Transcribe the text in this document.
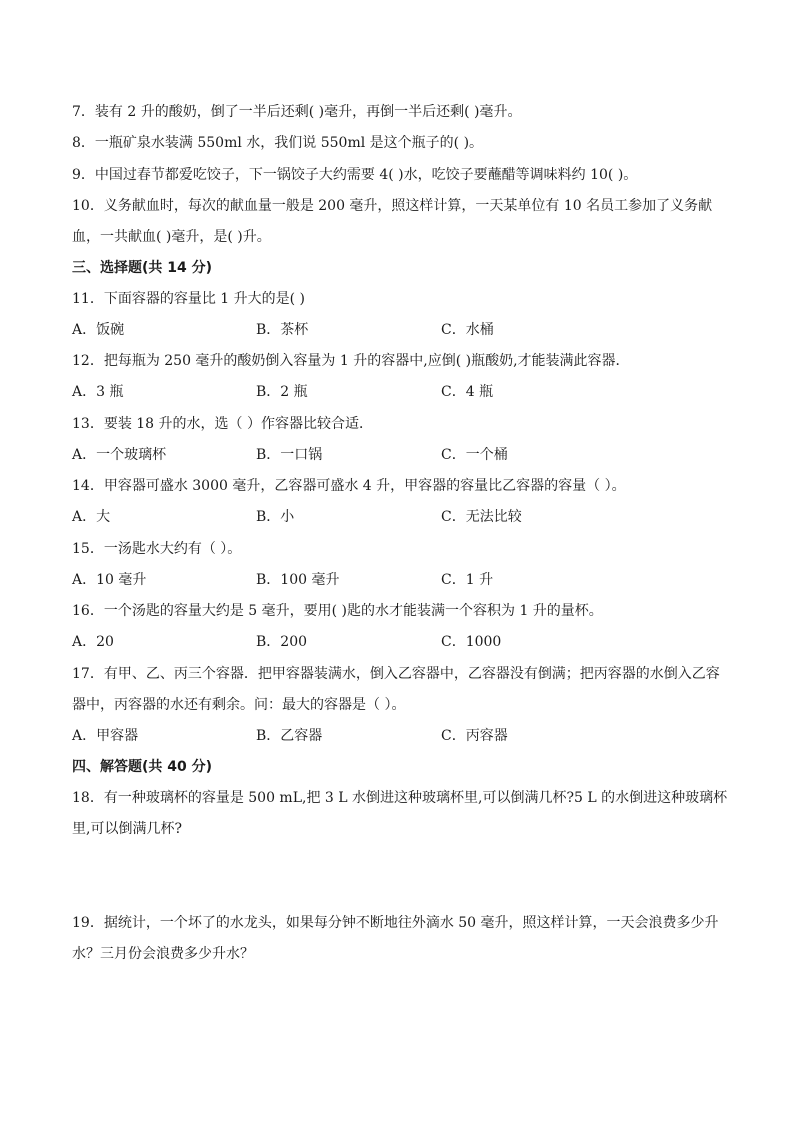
7．装有 2 升的酸奶，倒了一半后还剩( )毫升，再倒一半后还剩( )毫升。
8．一瓶矿泉水装满 550ml 水，我们说 550ml 是这个瓶子的( )。
9．中国过春节都爱吃饺子，下一锅饺子大约需要 4( )水，吃饺子要蘸醋等调味料约 10( )。
10．义务献血时，每次的献血量一般是 200 毫升，照这样计算，一天某单位有 10 名员工参加了义务献
血，一共献血( )毫升，是( )升。
三、选择题(共 14 分)
11．下面容器的容量比 1 升大的是( )
A．饭碗	B．茶杯	C．水桶
12．把每瓶为 250 毫升的酸奶倒入容量为 1 升的容器中,应倒( )瓶酸奶,才能装满此容器．
A．3 瓶	B．2 瓶	C．4 瓶
13．要装 18 升的水，选（ ）作容器比较合适．
A．一个玻璃杯	B．一口锅	C．一个桶
14．甲容器可盛水 3000 毫升，乙容器可盛水 4 升，甲容器的容量比乙容器的容量（ ）。
A．大	B．小	C．无法比较
15．一汤匙水大约有（ ）。
A．10 毫升	B．100 毫升	C．1 升
16．一个汤匙的容量大约是 5 毫升，要用( )匙的水才能装满一个容积为 1 升的量杯。
A．20	B．200	C．1000
17．有甲、乙、丙三个容器．把甲容器装满水，倒入乙容器中，乙容器没有倒满；把丙容器的水倒入乙容
器中，丙容器的水还有剩余。问：最大的容器是（ ）。
A．甲容器	B．乙容器	C．丙容器
四、解答题(共 40 分)
18．有一种玻璃杯的容量是 500 mL,把 3 L 水倒进这种玻璃杯里,可以倒满几杯?5 L 的水倒进这种玻璃杯
里,可以倒满几杯?
19．据统计，一个坏了的水龙头，如果每分钟不断地往外滴水 50 毫升，照这样计算，一天会浪费多少升
水？三月份会浪费多少升水？
